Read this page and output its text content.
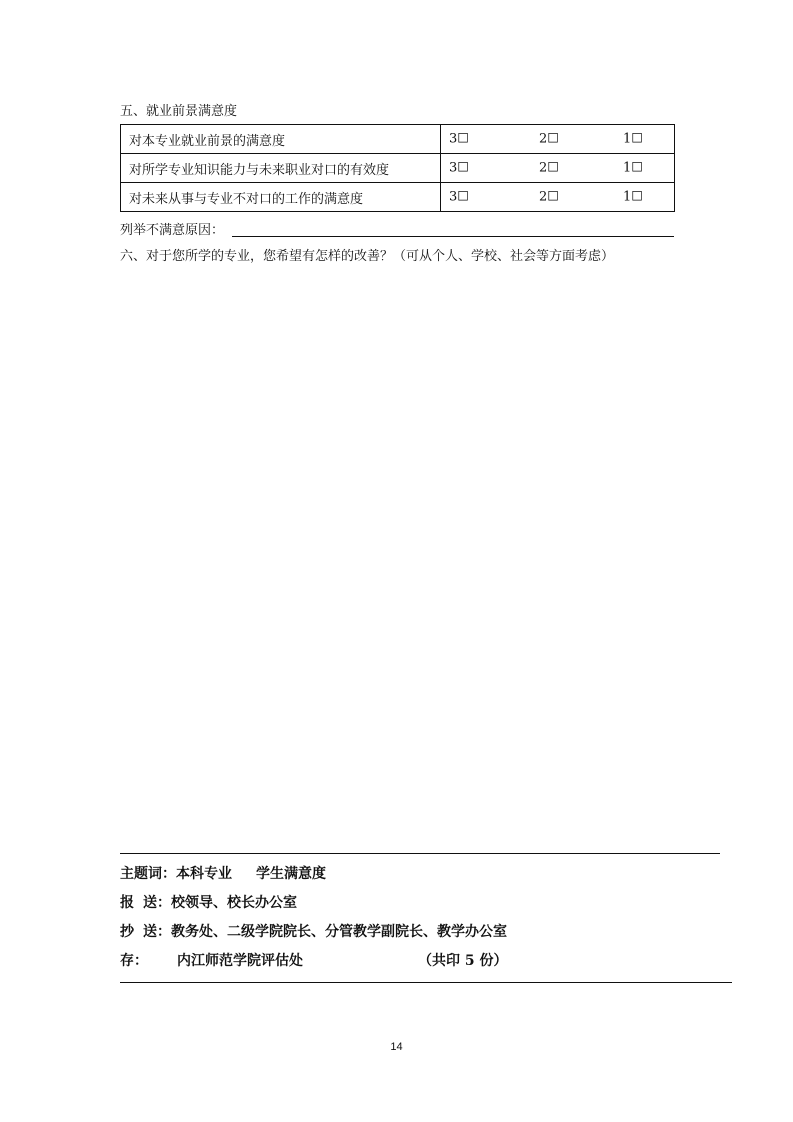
五、就业前景满意度
对本专业就业前景的满意度	3☐ 2☐ 1☐

对所学专业知识能力与未来职业对口的有效度	3☐ 2☐ 1☐

对未来从事与专业不对口的工作的满意度	3☐ 2☐ 1☐
列举不满意原因：
六、对于您所学的专业，您希望有怎样的改善？（可从个人、学校、社会等方面考虑）
主题词：本科专业 学生满意度
报 送：校领导、校长办公室
抄 送：教务处、二级学院院长、分管教学副院长、教学办公室
存： 内江师范学院评估处	（共印 5 份）
14
